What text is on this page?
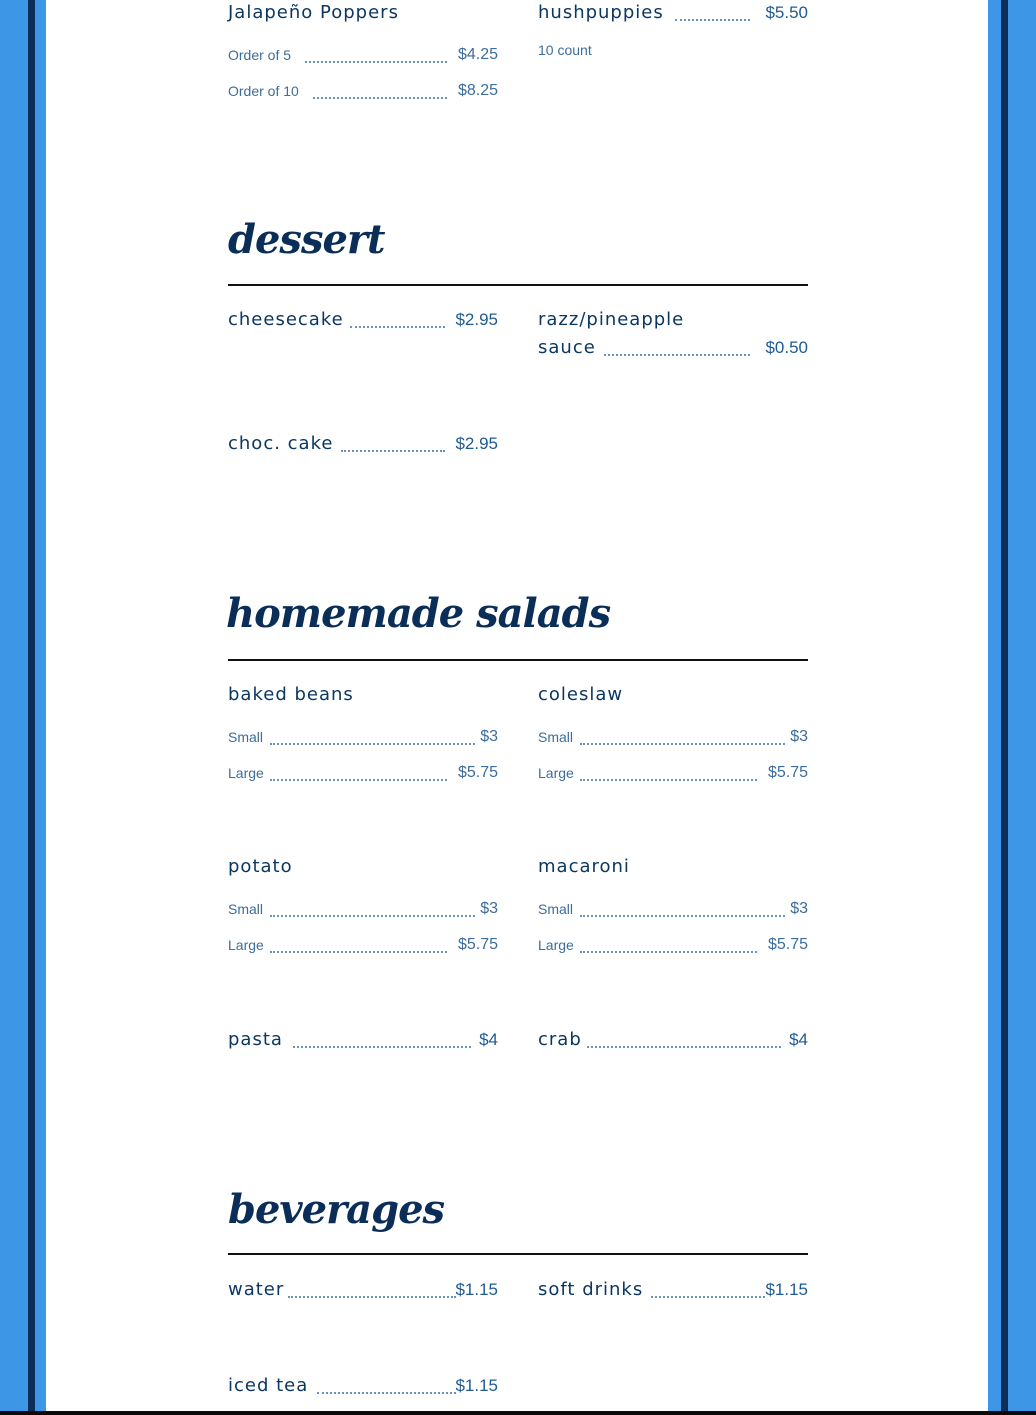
Jalapeño Poppers
Order of 5	$4.25
Order of 10	$8.25
hushpuppies	$5.50
10 count
dessert
cheesecake	$2.95 razz/pineapple
sauce	$0.50
choc. cake	$2.95
homemade salads
baked beans
Small	$3
Large	$5.75
coleslaw
Small	$3
Large	$5.75
potato
Small	$3
Large	$5.75
macaroni
Small	$3
Large	$5.75
pasta	$4 crab	$4
beverages
water	$1.15 soft drinks	$1.15
iced tea	$1.15
